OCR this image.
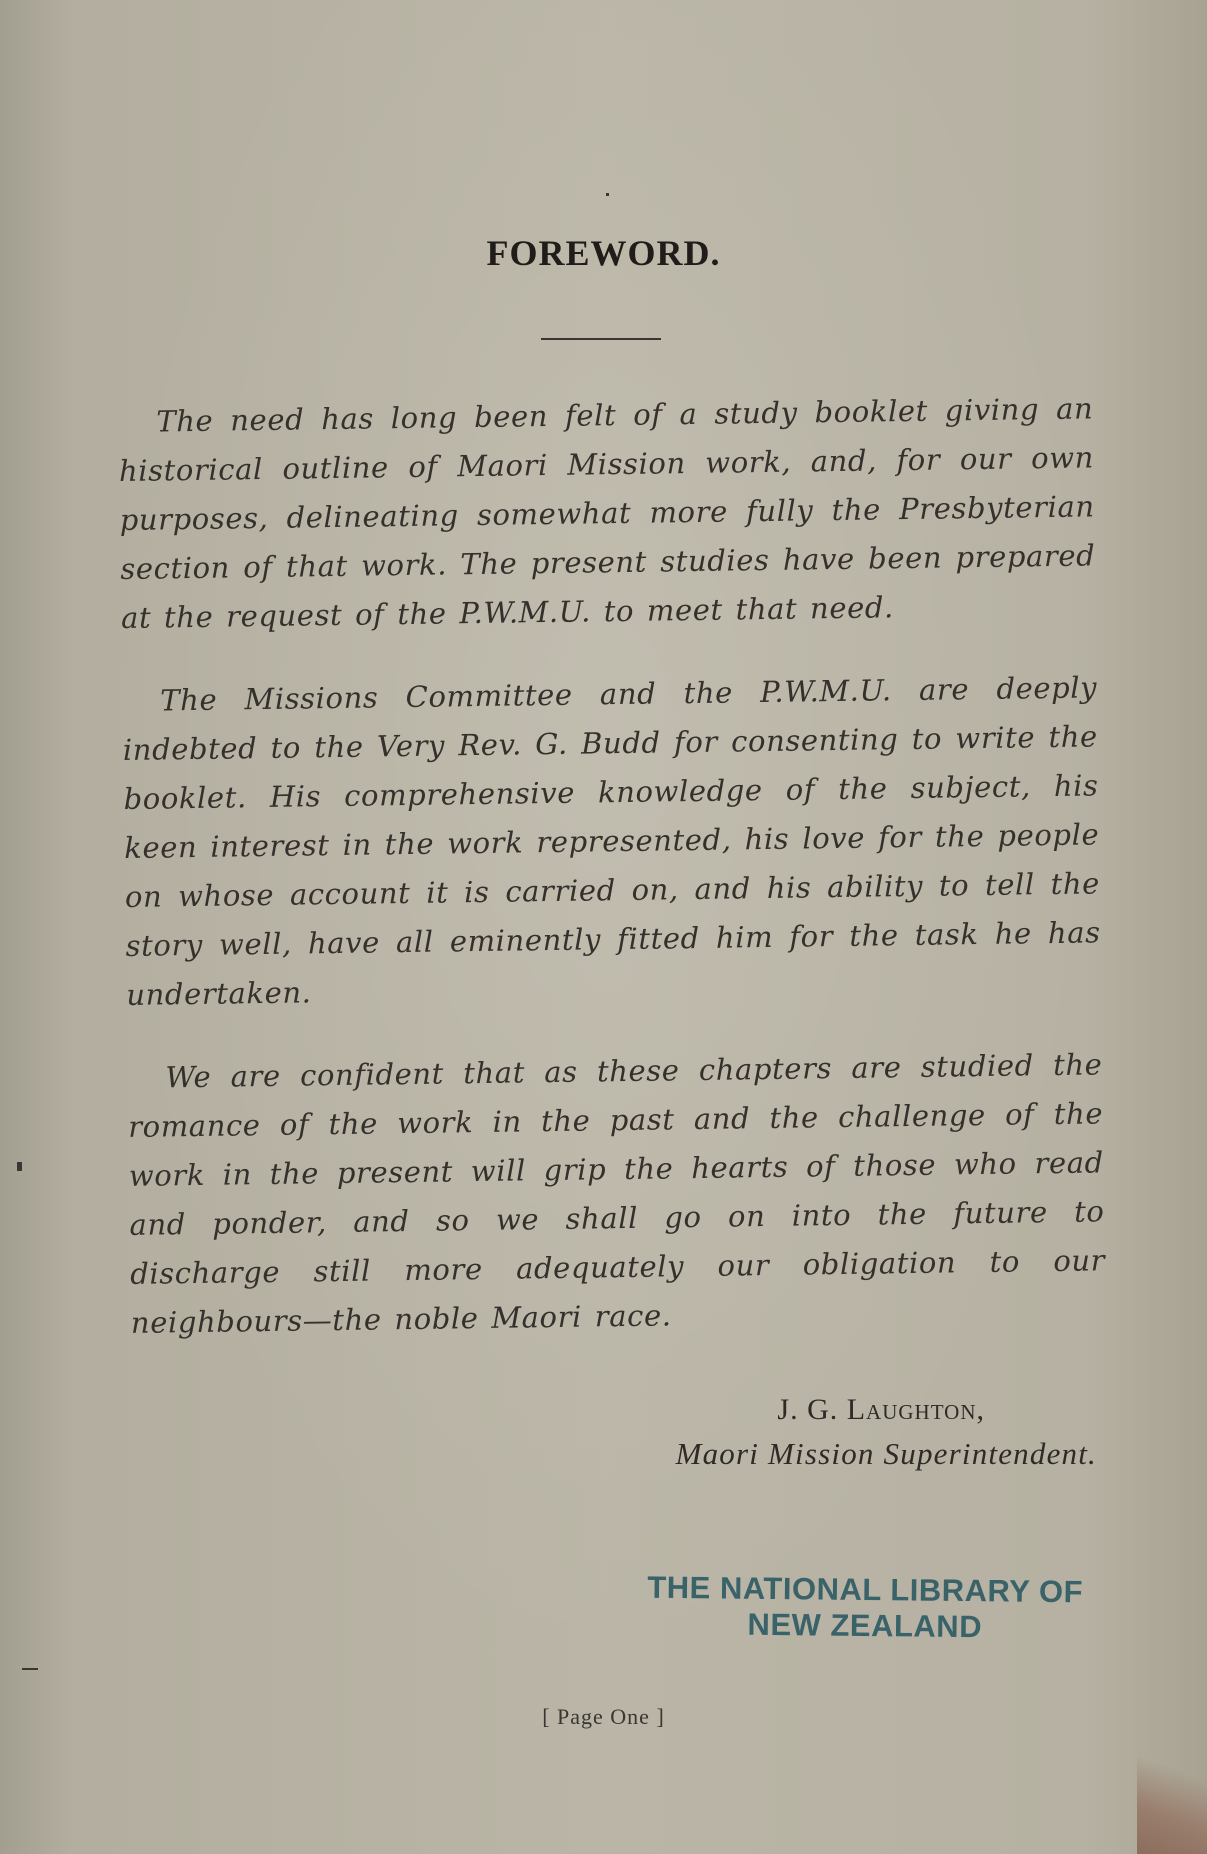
FOREWORD.

The need has long been felt of a study booklet giving an historical outline of Maori Mission work, and, for our own purposes, delineating somewhat more fully the Presbyterian section of that work. The present studies have been prepared at the request of the P.W.M.U. to meet that need.

The Missions Committee and the P.W.M.U. are deeply indebted to the Very Rev. G. Budd for consenting to write the booklet. His comprehensive knowledge of the subject, his keen interest in the work represented, his love for the people on whose account it is carried on, and his ability to tell the story well, have all eminently fitted him for the task he has undertaken.

We are confident that as these chapters are studied the romance of the work in the past and the challenge of the work in the present will grip the hearts of those who read and ponder, and so we shall go on into the future to discharge still more adequately our obligation to our neighbours—the noble Maori race.

J. G. Laughton,
Maori Mission Superintendent.
THE NATIONAL LIBRARY OF
NEW ZEALAND
[ Page One ]
